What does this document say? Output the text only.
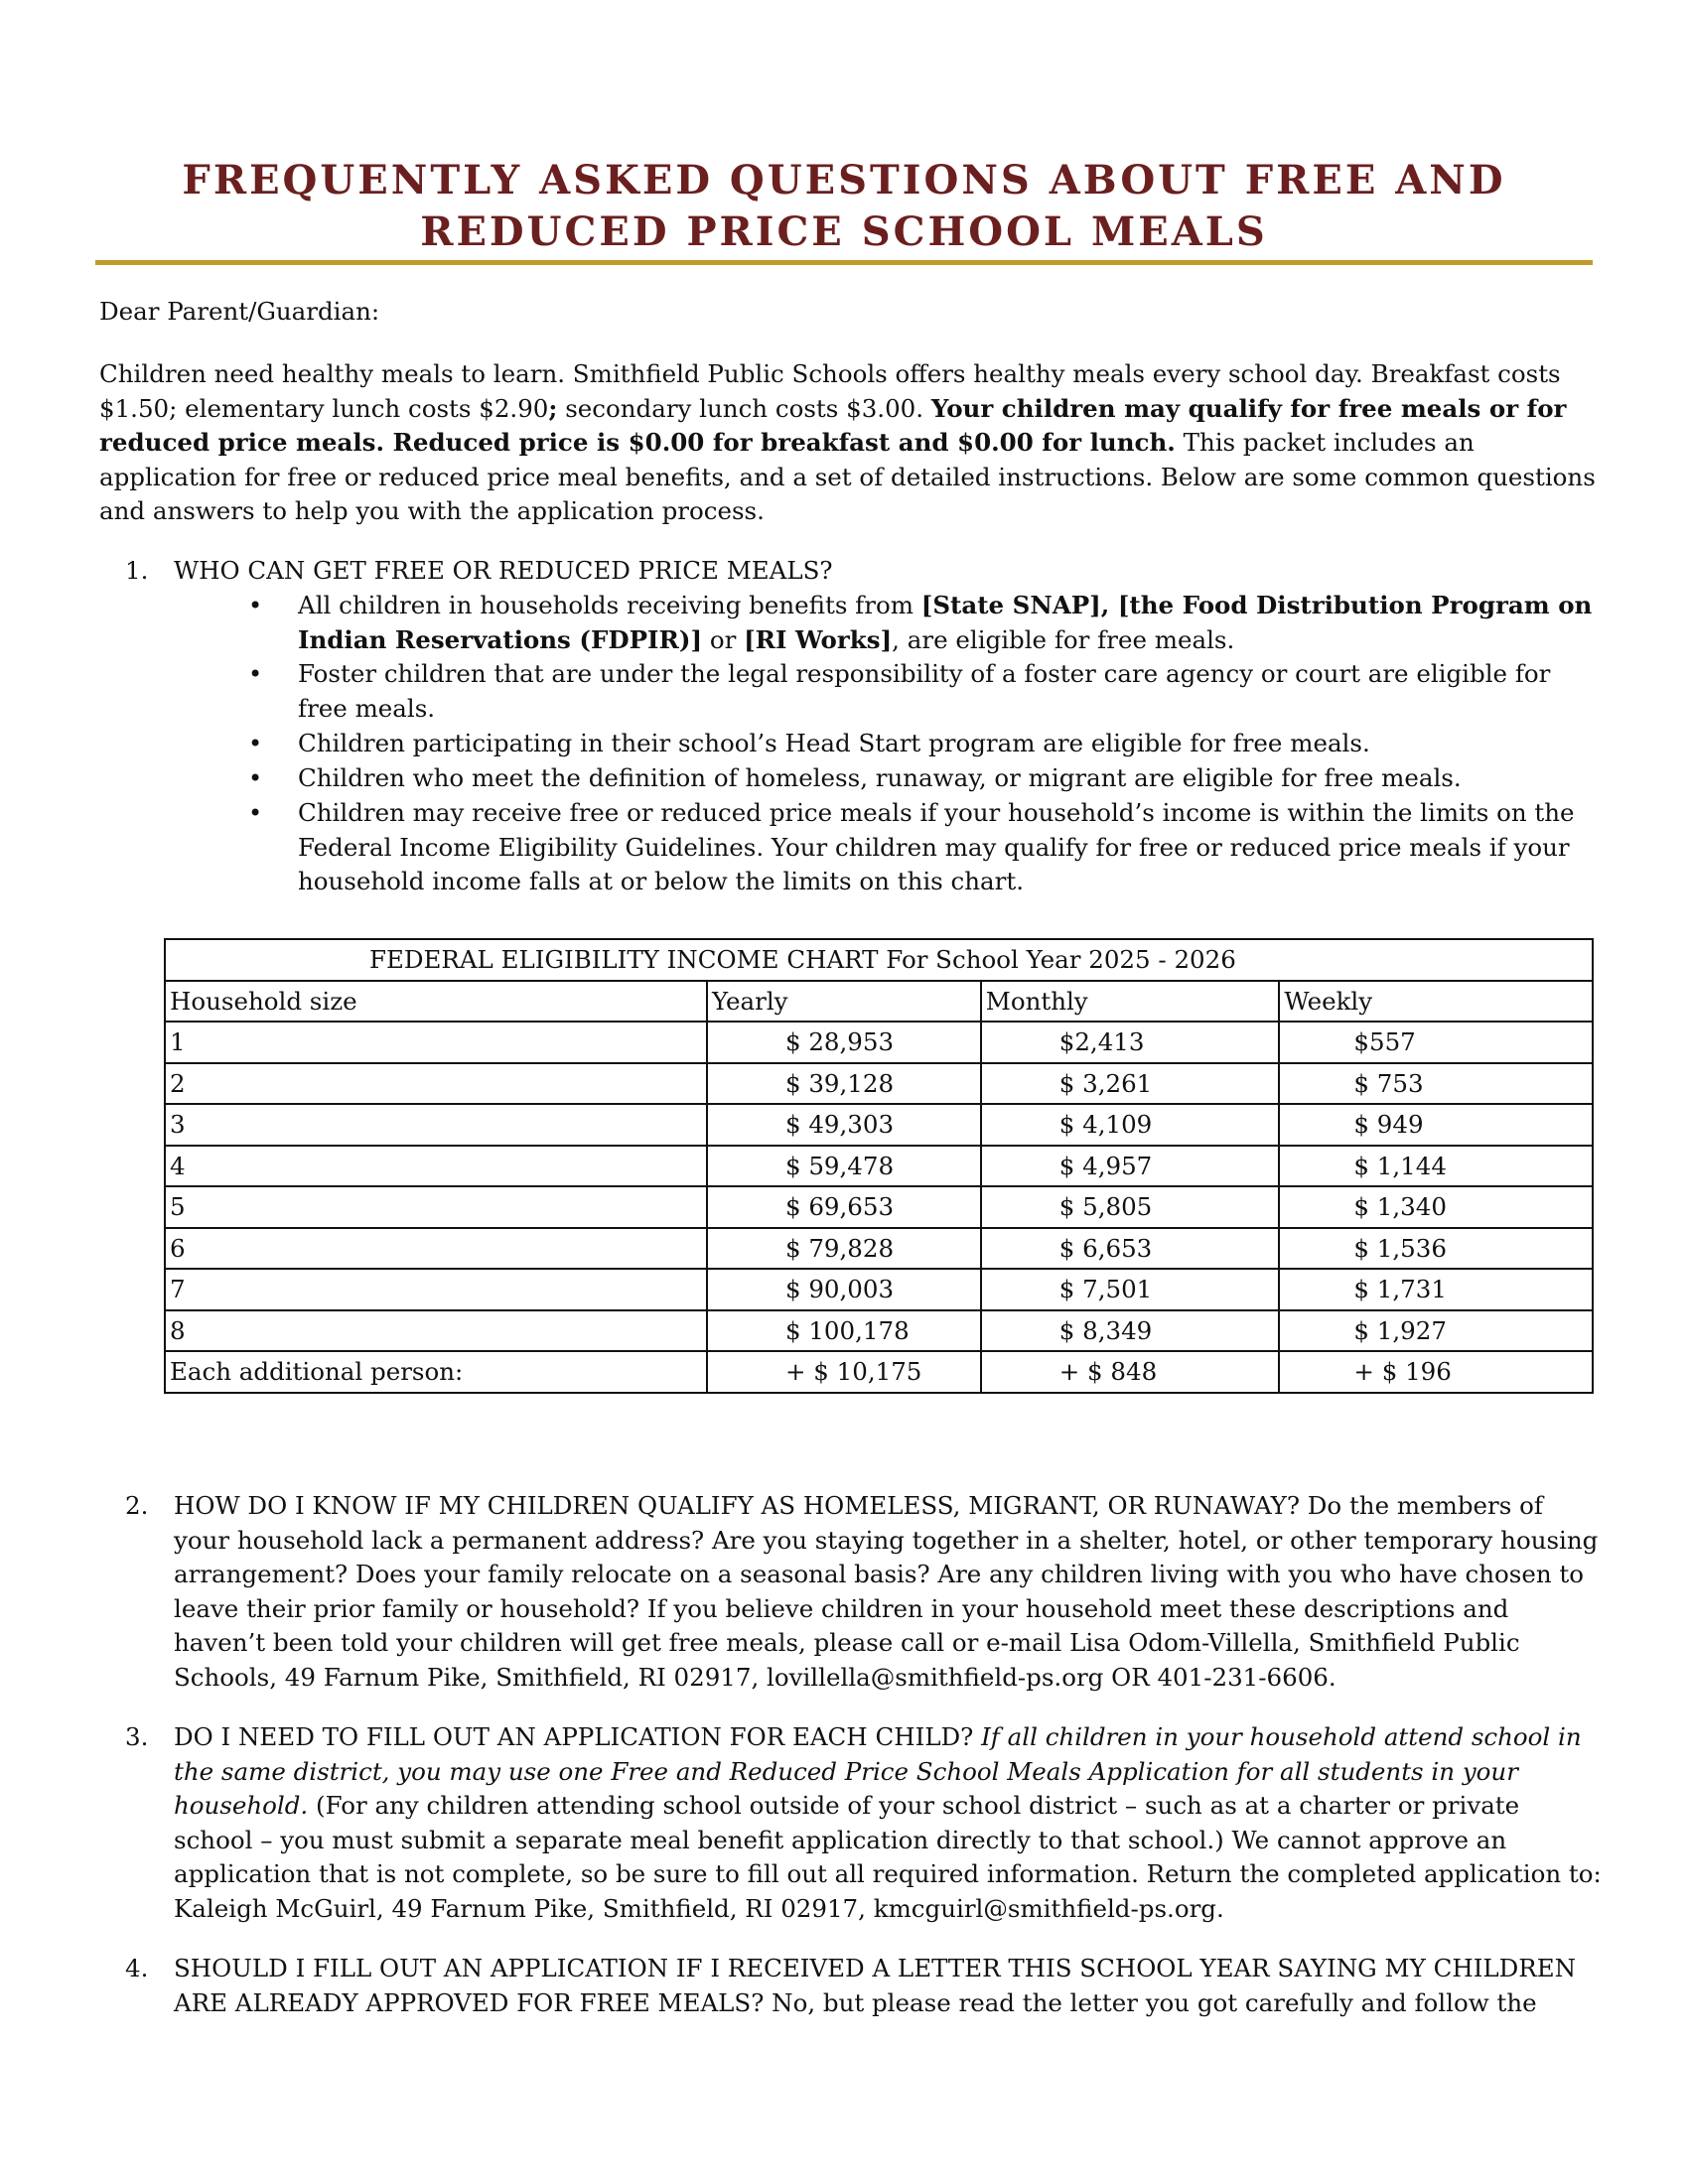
FREQUENTLY ASKED QUESTIONS ABOUT FREE AND
REDUCED PRICE SCHOOL MEALS
Dear Parent/Guardian:
Children need healthy meals to learn. Smithfield Public Schools offers healthy meals every school day. Breakfast costs $1.50; elementary lunch costs $2.90; secondary lunch costs $3.00. Your children may qualify for free meals or for reduced price meals. Reduced price is $0.00 for breakfast and $0.00 for lunch. This packet includes an application for free or reduced price meal benefits, and a set of detailed instructions. Below are some common questions and answers to help you with the application process.
1. WHO CAN GET FREE OR REDUCED PRICE MEALS?
• All children in households receiving benefits from [State SNAP], [the Food Distribution Program on Indian Reservations (FDPIR)] or [RI Works], are eligible for free meals.
• Foster children that are under the legal responsibility of a foster care agency or court are eligible for free meals.
• Children participating in their school’s Head Start program are eligible for free meals.
• Children who meet the definition of homeless, runaway, or migrant are eligible for free meals.
• Children may receive free or reduced price meals if your household’s income is within the limits on the Federal Income Eligibility Guidelines. Your children may qualify for free or reduced price meals if your household income falls at or below the limits on this chart.
FEDERAL ELIGIBILITY INCOME CHART For School Year 2025 - 2026			
Household size	Yearly	Monthly	Weekly
1	$ 28,953	$2,413	$557
2	$ 39,128	$ 3,261	$ 753
3	$ 49,303	$ 4,109	$ 949
4	$ 59,478	$ 4,957	$ 1,144
5	$ 69,653	$ 5,805	$ 1,340
6	$ 79,828	$ 6,653	$ 1,536
7	$ 90,003	$ 7,501	$ 1,731
8	$ 100,178	$ 8,349	$ 1,927
Each additional person:	+ $ 10,175	+ $ 848	+ $ 196
2. HOW DO I KNOW IF MY CHILDREN QUALIFY AS HOMELESS, MIGRANT, OR RUNAWAY? Do the members of your household lack a permanent address? Are you staying together in a shelter, hotel, or other temporary housing arrangement? Does your family relocate on a seasonal basis? Are any children living with you who have chosen to leave their prior family or household? If you believe children in your household meet these descriptions and haven’t been told your children will get free meals, please call or e-mail Lisa Odom-Villella, Smithfield Public Schools, 49 Farnum Pike, Smithfield, RI 02917, lovillella@smithfield-ps.org OR 401-231-6606.
3. DO I NEED TO FILL OUT AN APPLICATION FOR EACH CHILD? If all children in your household attend school in the same district, you may use one Free and Reduced Price School Meals Application for all students in your household. (For any children attending school outside of your school district – such as at a charter or private school – you must submit a separate meal benefit application directly to that school.) We cannot approve an application that is not complete, so be sure to fill out all required information. Return the completed application to: Kaleigh McGuirl, 49 Farnum Pike, Smithfield, RI 02917, kmcguirl@smithfield-ps.org.
4. SHOULD I FILL OUT AN APPLICATION IF I RECEIVED A LETTER THIS SCHOOL YEAR SAYING MY CHILDREN ARE ALREADY APPROVED FOR FREE MEALS? No, but please read the letter you got carefully and follow the
